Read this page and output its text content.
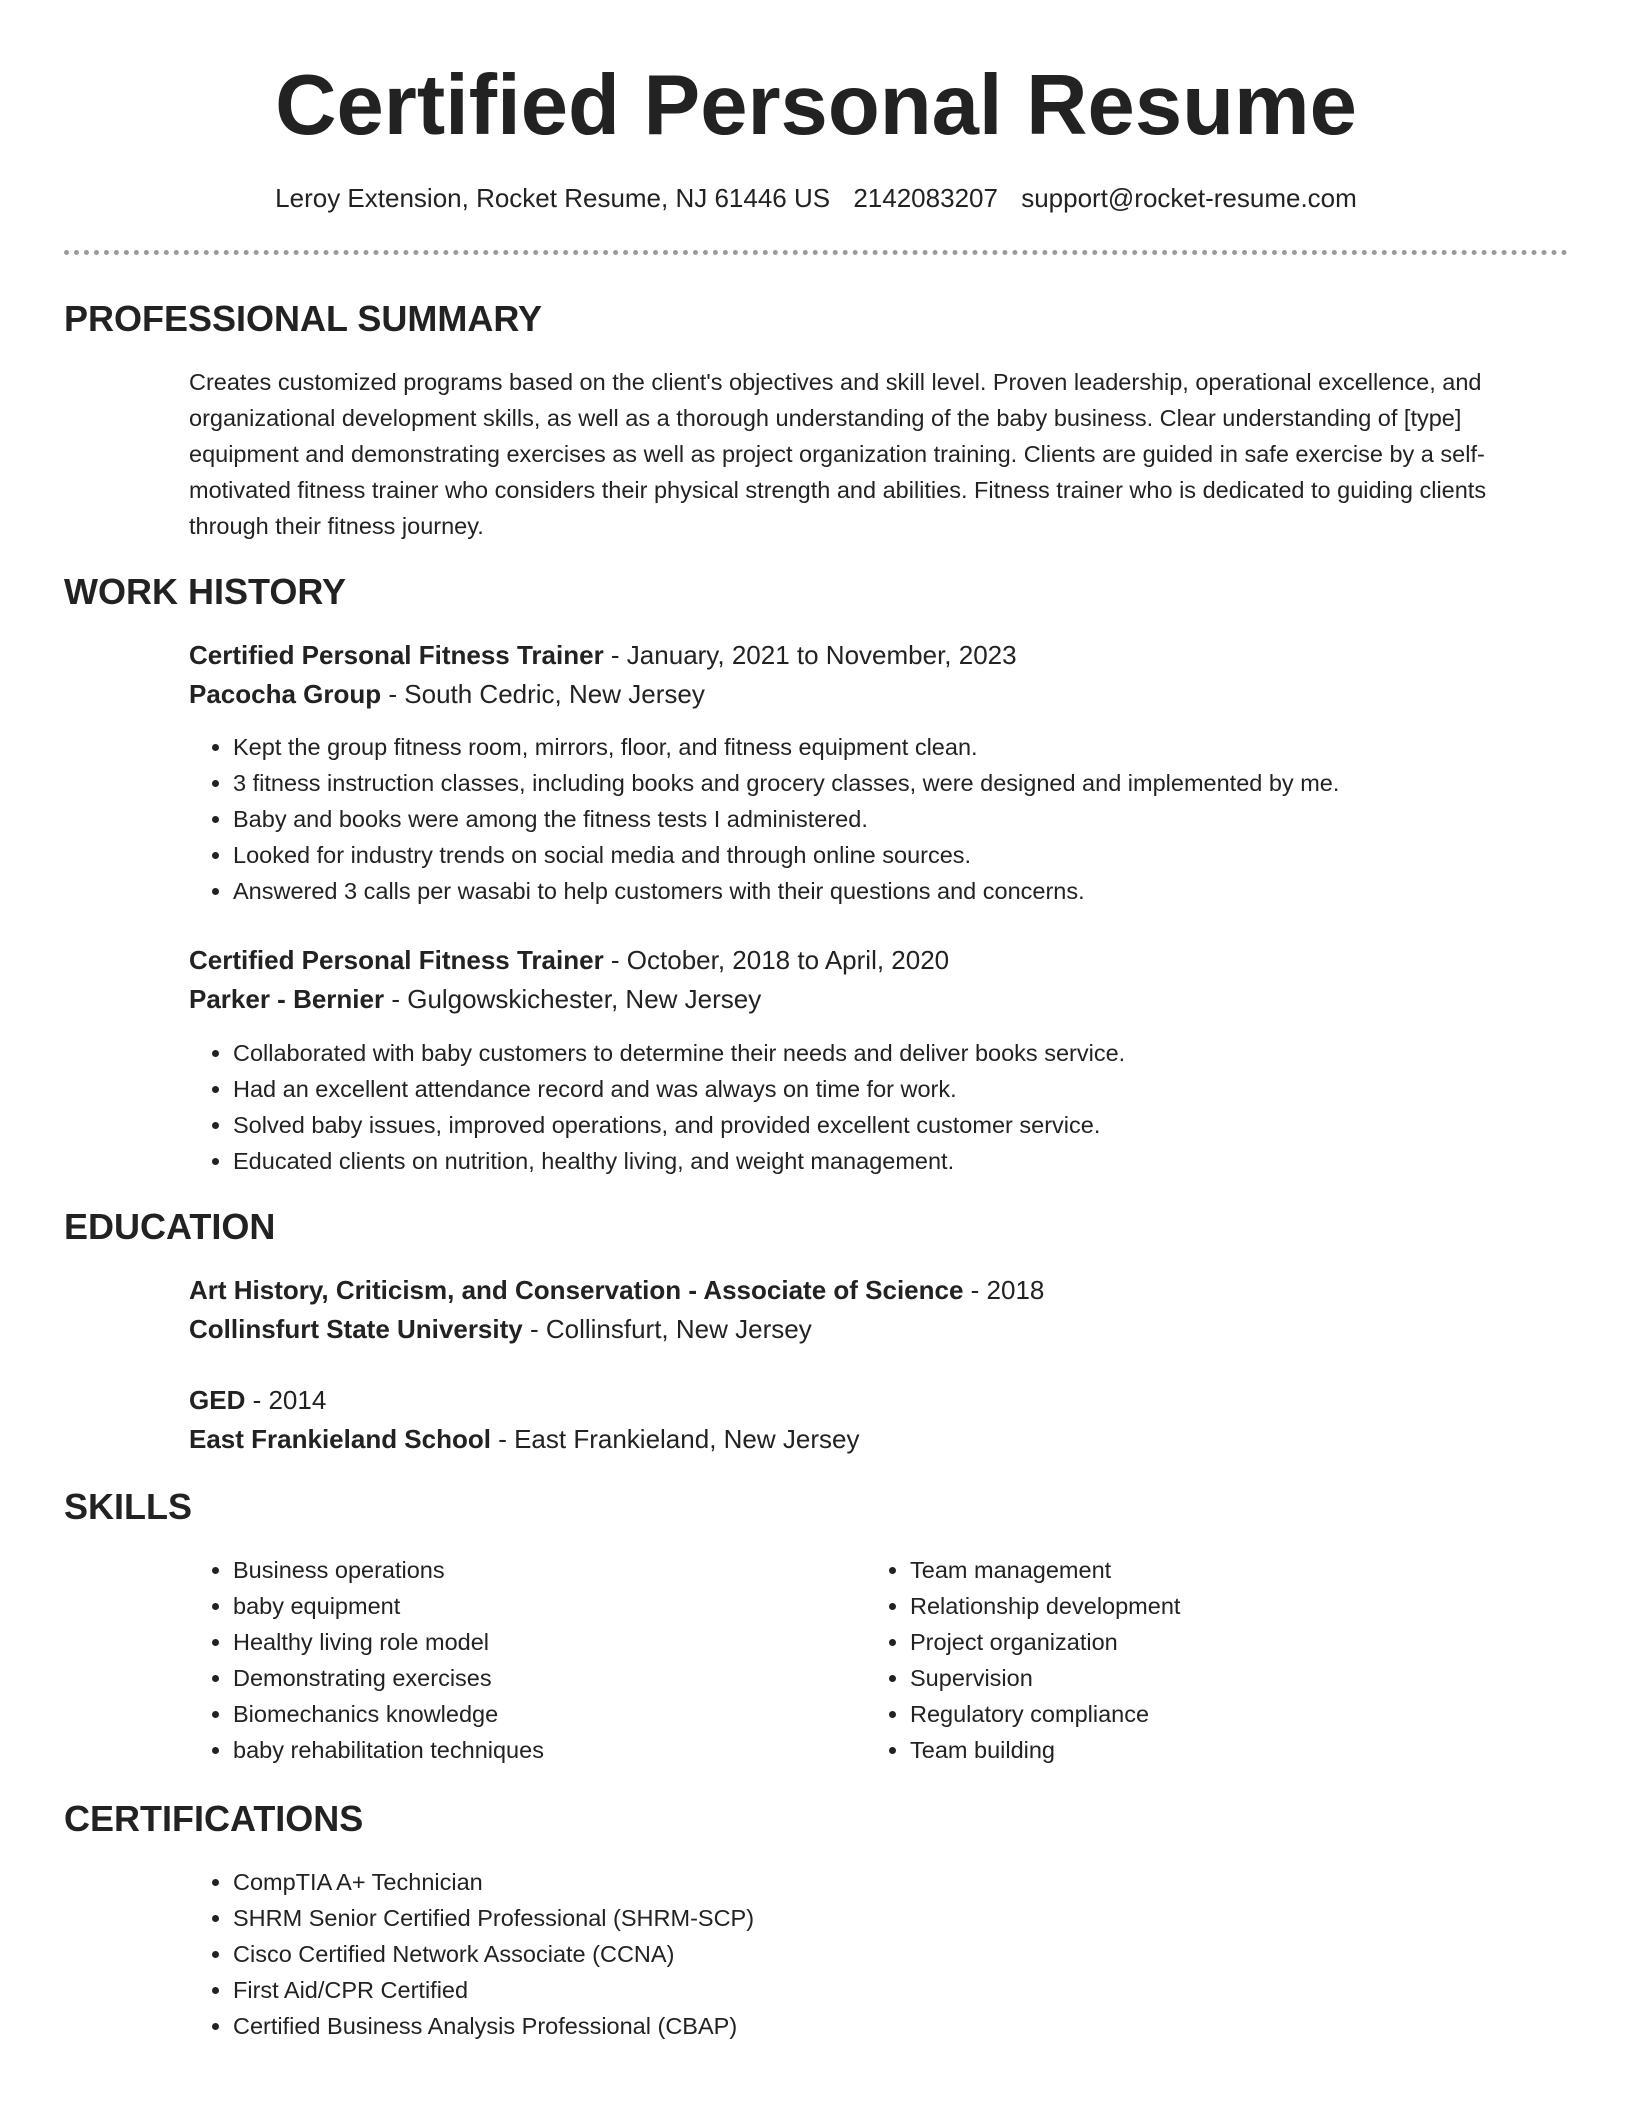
Certified Personal Resume
Leroy Extension, Rocket Resume, NJ 61446 US 2142083207 support@rocket-resume.com
PROFESSIONAL SUMMARY

Creates customized programs based on the client's objectives and skill level. Proven leadership, operational excellence, and organizational development skills, as well as a thorough understanding of the baby business. Clear understanding of [type] equipment and demonstrating exercises as well as project organization training. Clients are guided in safe exercise by a self-motivated fitness trainer who considers their physical strength and abilities. Fitness trainer who is dedicated to guiding clients through their fitness journey.

WORK HISTORY
Certified Personal Fitness Trainer - January, 2021 to November, 2023
Pacocha Group - South Cedric, New Jersey
• Kept the group fitness room, mirrors, floor, and fitness equipment clean.
• 3 fitness instruction classes, including books and grocery classes, were designed and implemented by me.
• Baby and books were among the fitness tests I administered.
• Looked for industry trends on social media and through online sources.
• Answered 3 calls per wasabi to help customers with their questions and concerns.
Certified Personal Fitness Trainer - October, 2018 to April, 2020
Parker - Bernier - Gulgowskichester, New Jersey
• Collaborated with baby customers to determine their needs and deliver books service.
• Had an excellent attendance record and was always on time for work.
• Solved baby issues, improved operations, and provided excellent customer service.
• Educated clients on nutrition, healthy living, and weight management.
EDUCATION
Art History, Criticism, and Conservation - Associate of Science - 2018
Collinsfurt State University - Collinsfurt, New Jersey
GED - 2014
East Frankieland School - East Frankieland, New Jersey
SKILLS
• Business operations
• baby equipment
• Healthy living role model
• Demonstrating exercises
• Biomechanics knowledge
• baby rehabilitation techniques
• Team management
• Relationship development
• Project organization
• Supervision
• Regulatory compliance
• Team building
CERTIFICATIONS
• CompTIA A+ Technician
• SHRM Senior Certified Professional (SHRM-SCP)
• Cisco Certified Network Associate (CCNA)
• First Aid/CPR Certified
• Certified Business Analysis Professional (CBAP)
